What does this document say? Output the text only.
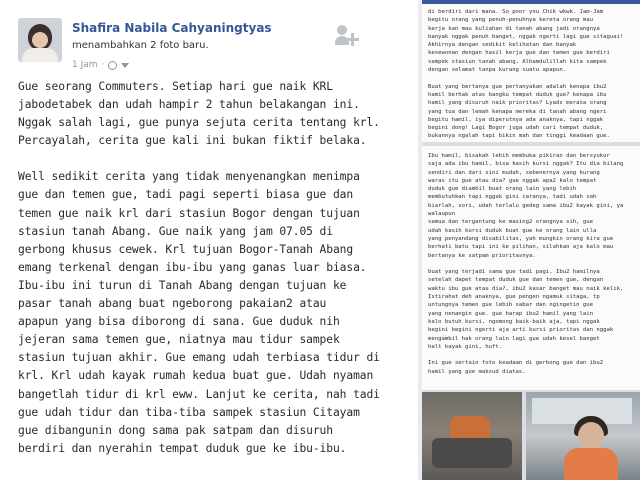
Shafira Nabila Cahyaningtyas
menambahkan 2 foto baru.
1 Jam ·

Gue seorang Commuters. Setiap hari gue naik KRL
jabodetabek dan udah hampir 2 tahun belakangan ini.
Nggak salah lagi, gue punya sejuta cerita tentang krl.
Percayalah, cerita gue kali ini bukan fiktif belaka.

Well sedikit cerita yang tidak menyenangkan menimpa
gue dan temen gue, tadi pagi seperti biasa gue dan
temen gue naik krl dari stasiun Bogor dengan tujuan
stasiun tanah Abang. Gue naik yang jam 07.05 di
gerbong khusus cewek. Krl tujuan Bogor-Tanah Abang
emang terkenal dengan ibu-ibu yang ganas luar biasa.
Ibu-ibu ini turun di Tanah Abang dengan tujuan ke
pasar tanah abang buat ngeborong pakaian2 atau
apapun yang bisa diborong di sana. Gue duduk nih
jejeran sama temen gue, niatnya mau tidur sampek
stasiun tujuan akhir. Gue emang udah terbiasa tidur di
krl. Krl udah kayak rumah kedua buat gue. Udah nyaman
bangetlah tidur di krl eww. Lanjut ke cerita, nah tadi
gue udah tidur dan tiba-tiba sampek stasiun Citayam
gue dibangunin dong sama pak satpam dan disuruh
berdiri dan nyerahin tempat duduk gue ke ibu-ibu.

di berdiri dari mana. So poor you Chik wkwk. Jam-Jam
begitu orang yang penuh-penuhnya kereta orang mau
kerja kan mau kuliahan di tanah abang jadi orangnya
banyak nggak penuh banget, nggak ngerti lagi gue sitaguai!
Akhirnya dengan sedikit kelihatan dan banyak
kesewonan dengan hasil kerja gue dan temen gue berdiri
sampek stasiun tanah abang. Alhamdulillah kita sampek
dengan selamat tanpa kurang suatu apapun.

Buat yang bertanya gue pertanyakan adalah kenapa ibu2
hamil berhak atas bangku tempat duduk gue? kenapa ibu
hamil yang disuruh naik prioritas? Lyads merasa orang
yang tua dan lemah kenapa mereka di tanah abang ngeri
begitu hamil, iya diperutnya ada anaknya, tapi nggak
begini dong! Lagi Bogor juga udah cari tempat duduk,
bukannya ngalah tapi bikin mah dan tinggi keadaan gue.
Ibu hamil, bisakah lebih membuka pikiran dan bersyukur
saja ada ibu hamil, bisa kasih kursi nggak? Itu dia bilang
sendiri dan dari sini mudah, sebenernya yang kurang
waras itu gue atau dia? gue nggak apa2 kalo tempat
duduk gue diambil buat orang lain yang lebih
membutuhkan tapi nggak gini caranya, tadi udah sah
biarlah, sori, udah terlalu gedeg sama ibu2 kayak gini, ya walaupun
samua dan tergantung ke masing2 orangnya sih, gue
udah kasih kursi duduk buat gue ke orang lain ulla
yang penyandang disabilitas, yah mungkin orang kira gue
berhati batu tapi ini ke pilihan, silahkan aja kalo mau
bertanya ke satpam prioritasnya.

buat yang terjadi sama gue tadi pagi, Ibu2 hamilnya
setelah dapet tempat duduk gue dan temen gue, dengan
waktu ibu gue atau dia?, ibu2 kasar banget mau naik kelik,
Istirahat deh anaknya, gue pengen ngamuk sitaga, tp
untungnya temen gue lebih sabar dan ngingetin gue
yang nenangin gue. gue harap ibu2 hamil yang lain
kalo butuh kursi, ngomong baik-baik aja, tapi nggak
begini begini ngerti aja arti kursi prioritas dan nggak
mengambil hak orang lain lagi gue udah kesel banget
halt kayak gini, huft.

Ini gue sertain foto keadaan di gerbong gue dan ibu2
hamil yang gue maksud diatas.
